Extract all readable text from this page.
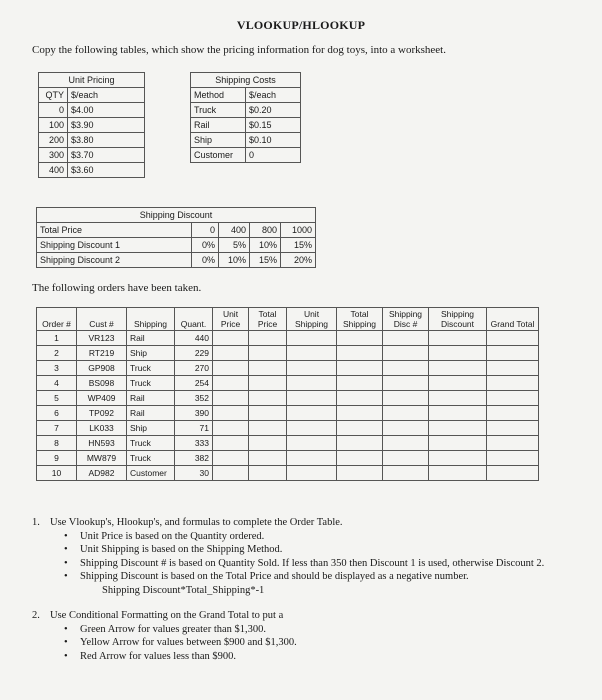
VLOOKUP/HLOOKUP
Copy the following tables, which show the pricing information for dog toys, into a worksheet.
Unit Pricing	
QTY	$/each
0	$4.00
100	$3.90
200	$3.80
300	$3.70
400	$3.60
Shipping Costs	
Method	$/each
Truck	$0.20
Rail	$0.15
Ship	$0.10
Customer	0
Shipping Discount				
Total Price	0	400	800	1000
Shipping Discount 1	0%	5%	10%	15%
Shipping Discount 2	0%	10%	15%	20%
The following orders have been taken.
Order #	Cust #	Shipping	Quant.	Unit Price	Total Price	Unit Shipping	Total Shipping	Shipping Disc #	Shipping Discount	Grand Total
1	VR123	Rail	440							
2	RT219	Ship	229							
3	GP908	Truck	270							
4	BS098	Truck	254							
5	WP409	Rail	352							
6	TP092	Rail	390							
7	LK033	Ship	71							
8	HN593	Truck	333							
9	MW879	Truck	382							
10	AD982	Customer	30							
1. Use Vlookup's, Hlookup's, and formulas to complete the Order Table.
• Unit Price is based on the Quantity ordered.
• Unit Shipping is based on the Shipping Method.
• Shipping Discount # is based on Quantity Sold. If less than 350 then Discount 1 is used, otherwise Discount 2.
• Shipping Discount is based on the Total Price and should be displayed as a negative number.
Shipping Discount*Total_Shipping*-1
2. Use Conditional Formatting on the Grand Total to put a
• Green Arrow for values greater than $1,300.
• Yellow Arrow for values between $900 and $1,300.
• Red Arrow for values less than $900.
